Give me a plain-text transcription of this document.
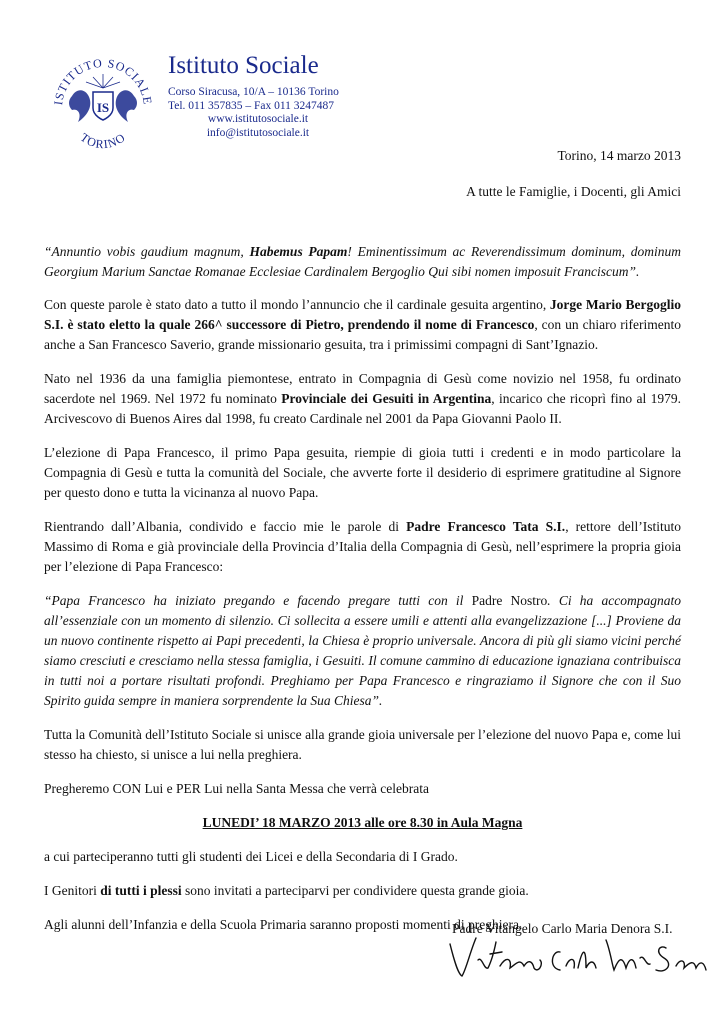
ISTITUTO SOCIALE
TORINO
IS
Istituto Sociale
Corso Siracusa, 10/A – 10136 Torino
Tel. 011 357835 – Fax 011 3247487
www.istitutosociale.it
info@istitutosociale.it
Torino, 14 marzo 2013
A tutte le Famiglie, i Docenti, gli Amici

“Annuntio vobis gaudium magnum, Habemus Papam! Eminentissimum ac Reverendissimum dominum, dominum Georgium Marium Sanctae Romanae Ecclesiae Cardinalem Bergoglio Qui sibi nomen imposuit Franciscum”.

Con queste parole è stato dato a tutto il mondo l’annuncio che il cardinale gesuita argentino, Jorge Mario Bergoglio S.I. è stato eletto la quale 266^ successore di Pietro, prendendo il nome di Francesco, con un chiaro riferimento anche a San Francesco Saverio, grande missionario gesuita, tra i primissimi compagni di Sant’Ignazio.

Nato nel 1936 da una famiglia piemontese, entrato in Compagnia di Gesù come novizio nel 1958, fu ordinato sacerdote nel 1969. Nel 1972 fu nominato Provinciale dei Gesuiti in Argentina, incarico che ricoprì fino al 1979. Arcivescovo di Buenos Aires dal 1998, fu creato Cardinale nel 2001 da Papa Giovanni Paolo II.

L’elezione di Papa Francesco, il primo Papa gesuita, riempie di gioia tutti i credenti e in modo particolare la Compagnia di Gesù e tutta la comunità del Sociale, che avverte forte il desiderio di esprimere gratitudine al Signore per questo dono e tutta la vicinanza al nuovo Papa.

Rientrando dall’Albania, condivido e faccio mie le parole di Padre Francesco Tata S.I., rettore dell’Istituto Massimo di Roma e già provinciale della Provincia d’Italia della Compagnia di Gesù, nell’esprimere la propria gioia per l’elezione di Papa Francesco:

“Papa Francesco ha iniziato pregando e facendo pregare tutti con il Padre Nostro. Ci ha accompagnato all’essenziale con un momento di silenzio. Ci sollecita a essere umili e attenti alla evangelizzazione [...] Proviene da un nuovo continente rispetto ai Papi precedenti, la Chiesa è proprio universale. Ancora di più gli siamo vicini perché siamo cresciuti e cresciamo nella stessa famiglia, i Gesuiti. Il comune cammino di educazione ignaziana contribuisca in tutti noi a portare risultati profondi. Preghiamo per Papa Francesco e ringraziamo il Signore che con il Suo Spirito guida sempre in maniera sorprendente la Sua Chiesa”.

Tutta la Comunità dell’Istituto Sociale si unisce alla grande gioia universale per l’elezione del nuovo Papa e, come lui stesso ha chiesto, si unisce a lui nella preghiera.

Pregheremo CON Lui e PER Lui nella Santa Messa che verrà celebrata

LUNEDI’ 18 MARZO 2013 alle ore 8.30 in Aula Magna

a cui parteciperanno tutti gli studenti dei Licei e della Secondaria di I Grado.

I Genitori di tutti i plessi sono invitati a parteciparvi per condividere questa grande gioia.

Agli alunni dell’Infanzia e della Scuola Primaria saranno proposti momenti di preghiera.

Padre Vitangelo Carlo Maria Denora S.I.
